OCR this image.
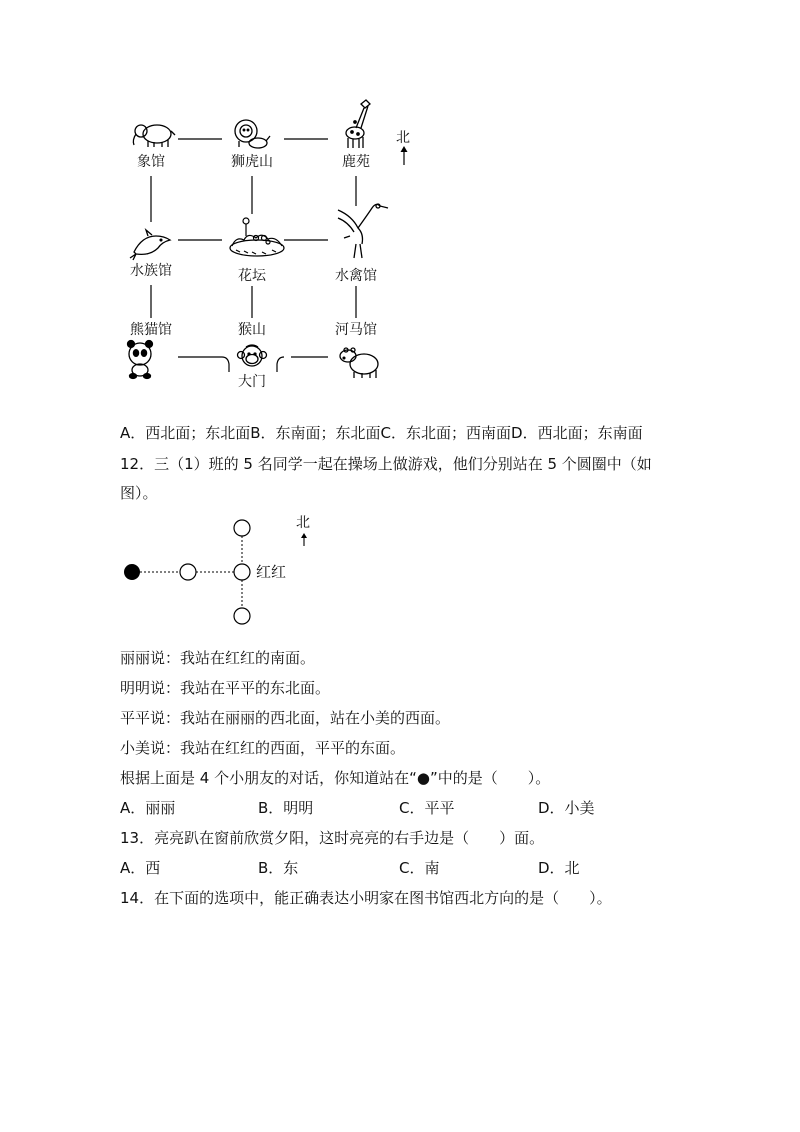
北
象馆	狮虎山	鹿苑
水族馆	花坛	水禽馆
熊猫馆	猴山	河马馆
大门
A．西北面；东北面B．东南面；东北面C．东北面；西南面D．西北面；东南面
12．三（1）班的 5 名同学一起在操场上做游戏，他们分别站在 5 个圆圈中（如
图）。
北
红红
丽丽说：我站在红红的南面。
明明说：我站在平平的东北面。
平平说：我站在丽丽的西北面，站在小美的西面。
小美说：我站在红红的西面，平平的东面。
根据上面是 4 个小朋友的对话，你知道站在“●”中的是（　　）。
A．丽丽	B．明明	C．平平	D．小美
13．亮亮趴在窗前欣赏夕阳，这时亮亮的右手边是（　　）面。
A．西	B．东	C．南	D．北
14．在下面的选项中，能正确表达小明家在图书馆西北方向的是（　　）。
